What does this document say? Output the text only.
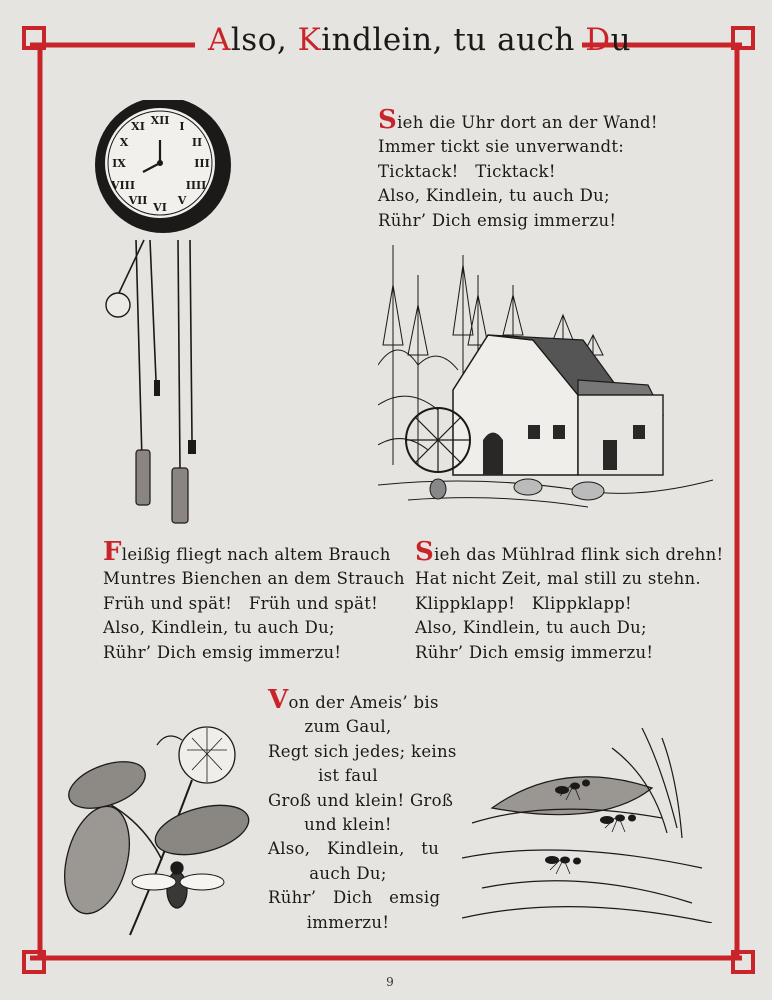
Also, Kindlein, tu auch Du
XII I
II
III
IIII
V
VI
VII
VIII
IX
X
XI	Sieh die Uhr dort an der Wand!
Immer tickt sie unverwandt:
Ticktack!   Ticktack!
Also, Kindlein, tu auch Du;
Rühr’ Dich emsig immerzu!
Fleißig fliegt nach altem Brauch
Muntres Bienchen an dem Strauch
Früh und spät!   Früh und spät!
Also, Kindlein, tu auch Du;
Rühr’ Dich emsig immerzu!
Sieh das Mühlrad flink sich drehn!
Hat nicht Zeit, mal still zu stehn.
Klippklapp!   Klippklapp!
Also, Kindlein, tu auch Du;
Rühr’ Dich emsig immerzu!
Von der Ameis’ bis
zum Gaul,
Regt sich jedes; keins
ist faul
Groß und klein! Groß
und klein!
Also,   Kindlein,   tu
auch Du;
Rühr’   Dich   emsig
immerzu!
9
